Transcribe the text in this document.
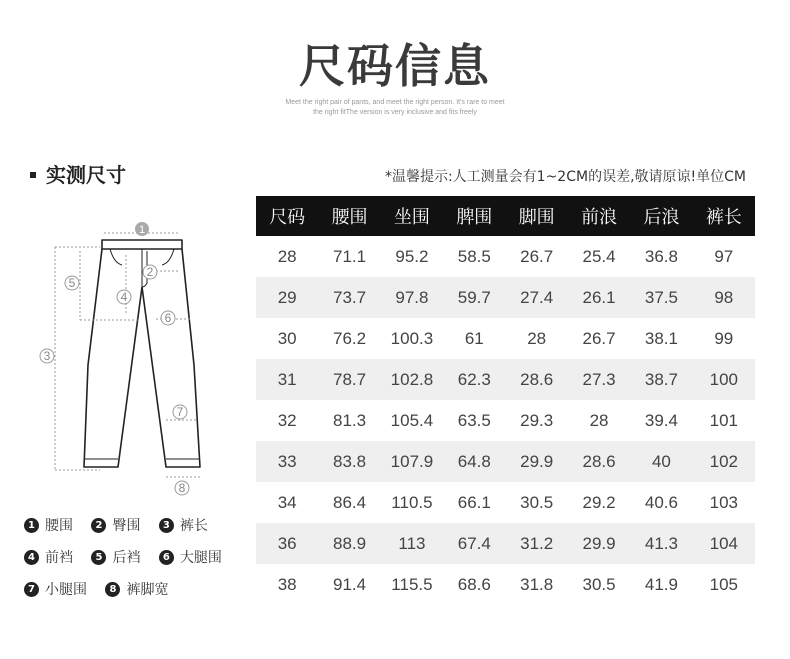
尺码信息
Meet the right pair of pants, and meet the right person. It's rare to meet
the right fitThe version is very inclusive and fits freely
实测尺寸	*温馨提示:人工测量会有1~2CM的误差,敬请原谅!单位CM
1
2
3
4
5
6
7
8
尺码	腰围	坐围	脾围	脚围	前浪	后浪	裤长
28	71.1	95.2	58.5	26.7	25.4	36.8	97
29	73.7	97.8	59.7	27.4	26.1	37.5	98
30	76.2	100.3	61	28	26.7	38.1	99
31	78.7	102.8	62.3	28.6	27.3	38.7	100
32	81.3	105.4	63.5	29.3	28	39.4	101
33	83.8	107.9	64.8	29.9	28.6	40	102
34	86.4	110.5	66.1	30.5	29.2	40.6	103
36	88.9	113	67.4	31.2	29.9	41.3	104
38	91.4	115.5	68.6	31.8	30.5	41.9	105
1 腰围 2 臀围 3 裤长
4 前裆 5 后裆 6 大腿围
7 小腿围 8 裤脚宽
